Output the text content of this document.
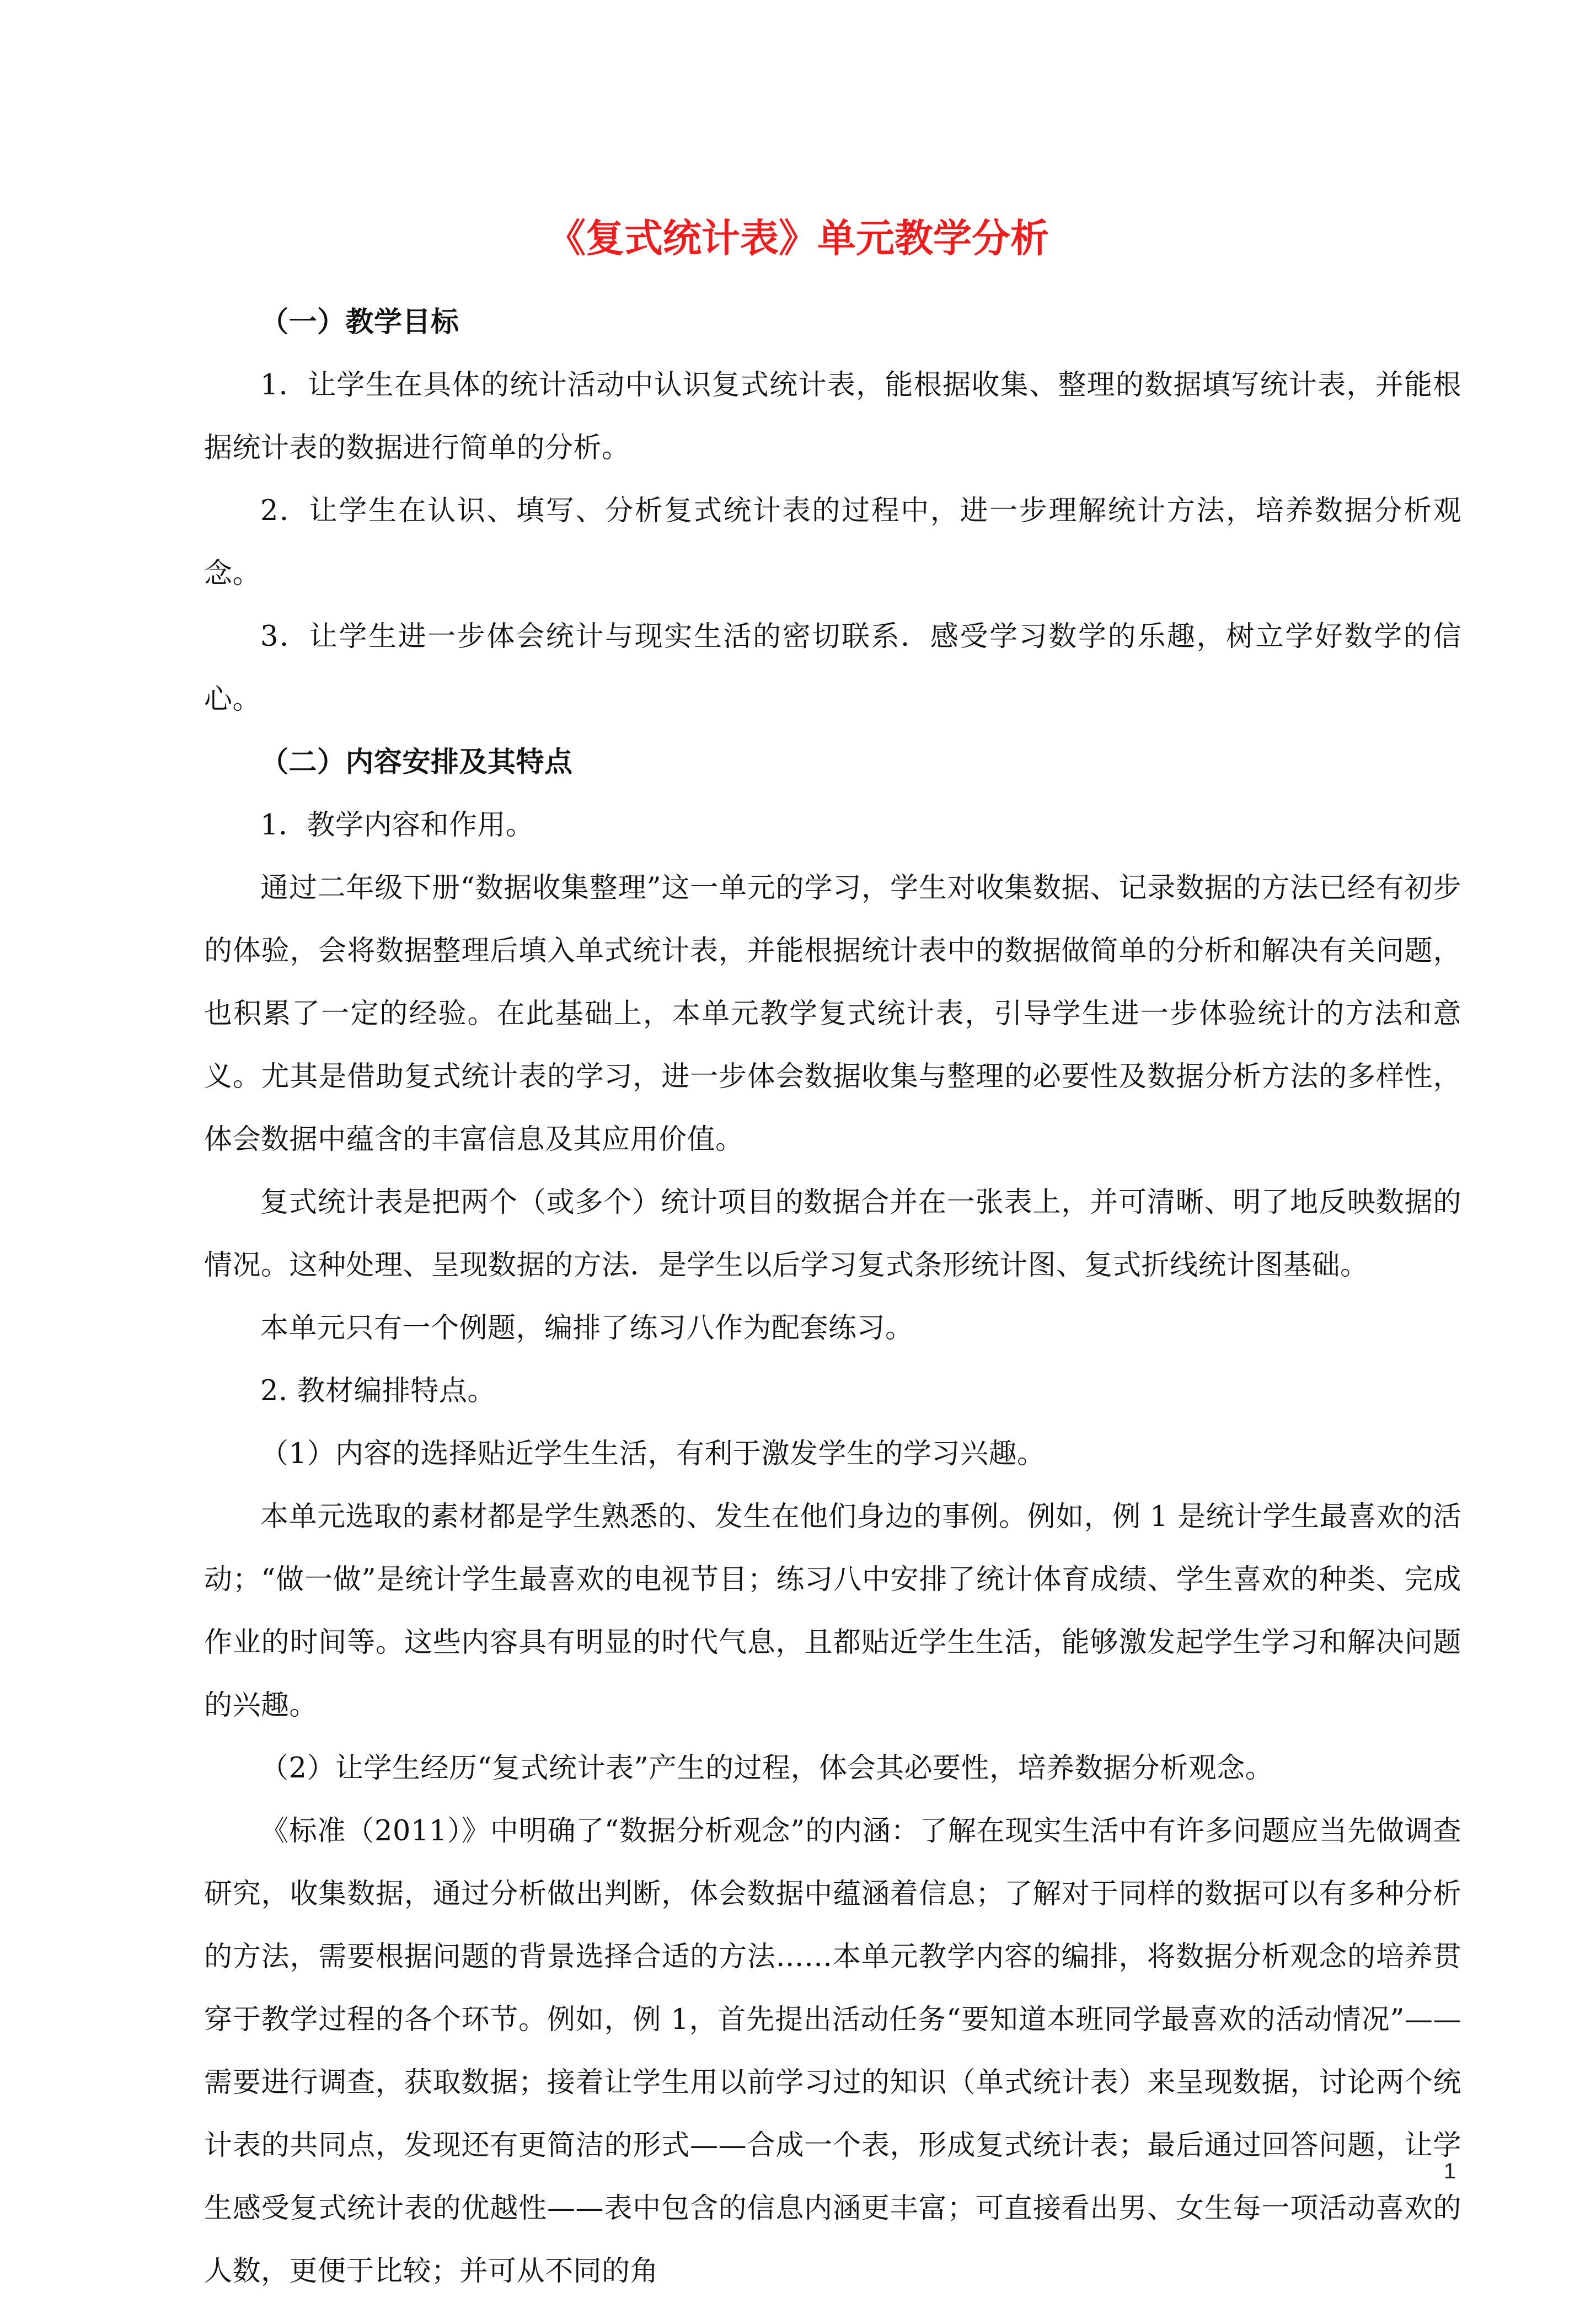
《复式统计表》单元教学分析

（一）教学目标

1．让学生在具体的统计活动中认识复式统计表，能根据收集、整理的数据填写统计表，并能根据统计表的数据进行简单的分析。

2．让学生在认识、填写、分析复式统计表的过程中，进一步理解统计方法，培养数据分析观念。

3．让学生进一步体会统计与现实生活的密切联系．感受学习数学的乐趣，树立学好数学的信心。

（二）内容安排及其特点

1．教学内容和作用。

通过二年级下册“数据收集整理”这一单元的学习，学生对收集数据、记录数据的方法已经有初步的体验，会将数据整理后填入单式统计表，并能根据统计表中的数据做简单的分析和解决有关问题，也积累了一定的经验。在此基础上，本单元教学复式统计表，引导学生进一步体验统计的方法和意义。尤其是借助复式统计表的学习，进一步体会数据收集与整理的必要性及数据分析方法的多样性，体会数据中蕴含的丰富信息及其应用价值。

复式统计表是把两个（或多个）统计项目的数据合并在一张表上，并可清晰、明了地反映数据的情况。这种处理、呈现数据的方法．是学生以后学习复式条形统计图、复式折线统计图基础。

本单元只有一个例题，编排了练习八作为配套练习。

2. 教材编排特点。

（1）内容的选择贴近学生生活，有利于激发学生的学习兴趣。

本单元选取的素材都是学生熟悉的、发生在他们身边的事例。例如，例 1 是统计学生最喜欢的活动；“做一做”是统计学生最喜欢的电视节目；练习八中安排了统计体育成绩、学生喜欢的种类、完成作业的时间等。这些内容具有明显的时代气息，且都贴近学生生活，能够激发起学生学习和解决问题的兴趣。

（2）让学生经历“复式统计表”产生的过程，体会其必要性，培养数据分析观念。

《标准（2011）》中明确了“数据分析观念”的内涵：了解在现实生活中有许多问题应当先做调查研究，收集数据，通过分析做出判断，体会数据中蕴涵着信息；了解对于同样的数据可以有多种分析的方法，需要根据问题的背景选择合适的方法……本单元教学内容的编排，将数据分析观念的培养贯穿于教学过程的各个环节。例如，例 1，首先提出活动任务“要知道本班同学最喜欢的活动情况”——需要进行调查，获取数据；接着让学生用以前学习过的知识（单式统计表）来呈现数据，讨论两个统计表的共同点，发现还有更简洁的形式——合成一个表，形成复式统计表；最后通过回答问题，让学生感受复式统计表的优越性——表中包含的信息内涵更丰富；可直接看出男、女生每一项活动喜欢的人数，更便于比较；并可从不同的角

1
